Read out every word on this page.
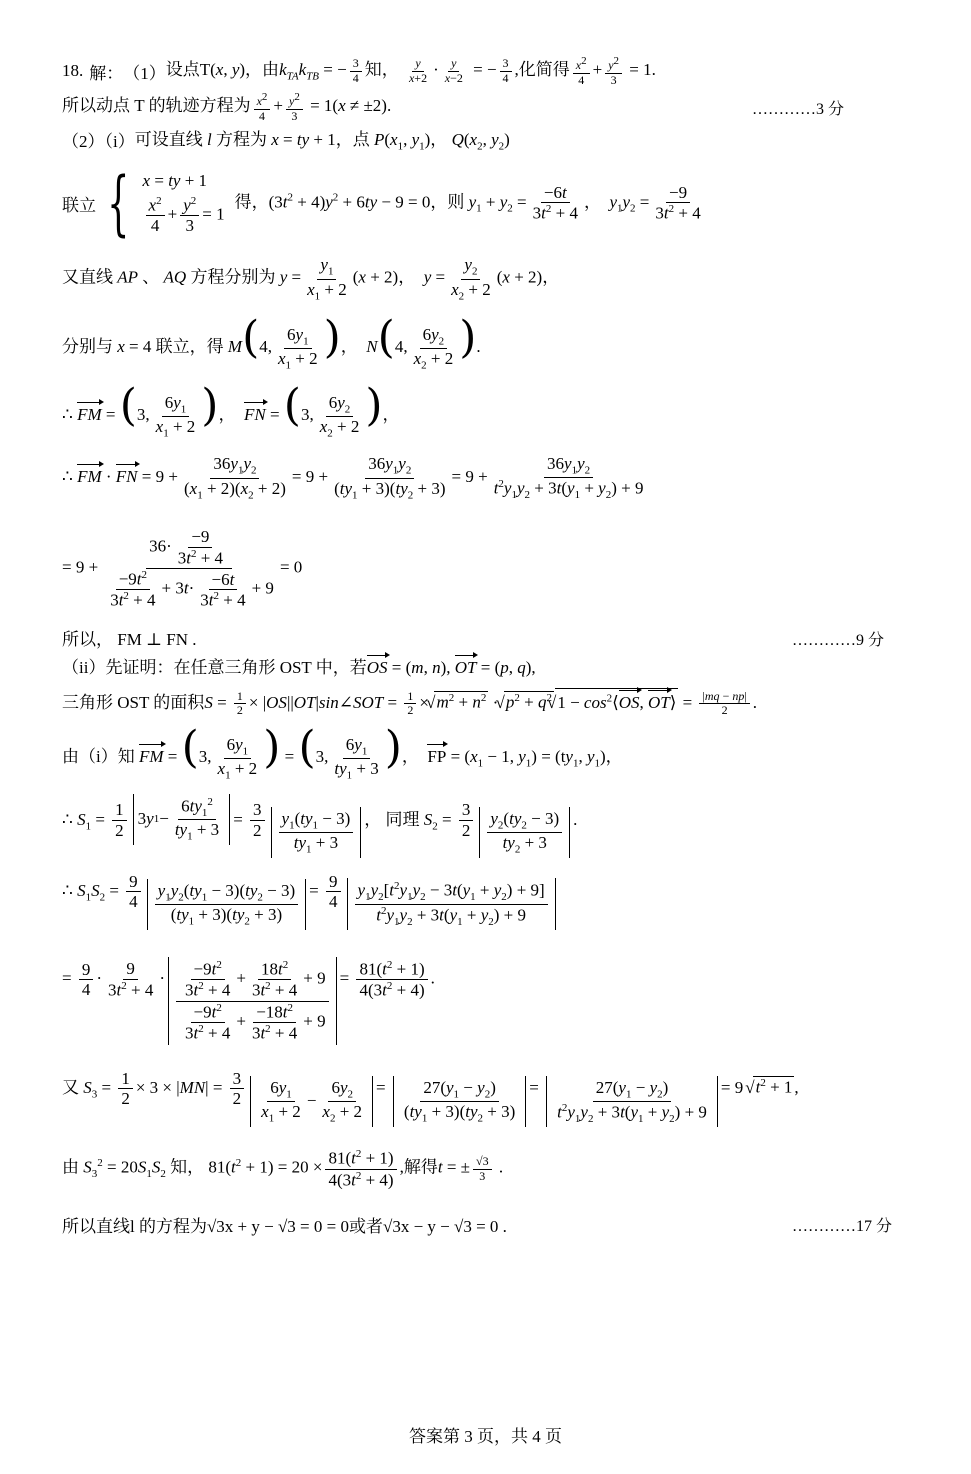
18. 解： （1） 设点T(x, y)，由$k_{TA}k_{TB}$ = − $\frac{3}{4}$ 知， $\frac{y}{x+2} \cdot \frac{y}{x-2}$ = − $\frac{3}{4}$ ,化简得 $\frac{x^2}{4} + \frac{y^2}{3} = 1$.
所以动点 T 的轨迹方程为 $\frac{x^2}{4} + \frac{y^2}{3} = 1(x \ne \pm 2)$.	…………3 分
（2）（i） 可设直线 l 方程为 x = ty + 1，点 $P(x_1$, $y_1$)， $Q(x_2$, $y_2$)
联立 { x = ty + 1
$\frac{x^2}{4} + \frac{y^2}{3} = 1$
得，$(3t^2 + 4)y^2 + 6ty - 9 = 0$，则 $y_1 + y_2 = \frac{-6t}{3t^2 + 4}$ ，  $y_1y_2 = \frac{-9}{3t^2 + 4}$
又直线 AP 、 AQ 方程分别为 $y = \frac{y_1}{x_1 + 2} (x + 2)$，  $y = \frac{y_2}{x_2 + 2} (x + 2)$，
分别与 x = 4 联立，得 M(4, $\frac{6y_1}{x_1 + 2}$ )，  N(4, $\frac{6y_2}{x_2 + 2}$ ).
∴ FM = (3, $\frac{6y_1}{x_1 + 2}$ )，  FN = (3, $\frac{6y_2}{x_2 + 2}$ )，
∴ FM · FN = $9 + \frac{36y_1y_2}{(x_1 + 2)(x_2 + 2)} = 9 + \frac{36y_1y_2}{(ty_1 + 3)(ty_2 + 3)} = 9 + \frac{36y_1y_2}{t^2y_1y_2 + 3t(y_1 + y_2) + 9}$
= $9 + \frac{36\cdot \frac{-9}{3t^2 + 4}}{\frac{-9t^2}{3t^2 + 4} + 3t\cdot \frac{-6t}{3t^2 + 4} + 9} = 0$
所以， FM ⊥ FN .	…………9 分
（ii） 先证明：在任意三角形 OST 中，若OS = (m, n), OT = (p, q),
三角形 OST 的面积$S = \frac{1}{2}$ × |OS||OT|sin∠SOT = $\frac{1}{2}$ × √ $m^2 + n^2$ · √ $p^2 + q^2√$ $1 - \cos^2⟨OS$, OT⟩ = $\frac{|mq - np|}{2}$ .
由（i）知 FM = (3, $\frac{6y_1}{x_1 + 2}$ ) = (3, $\frac{6y_1}{ty_1 + 3}$ )，  FP = ($x_1 - 1$, $y_1) = (ty_1$, $y_1$)，
∴ $S_1 = \frac{1}{2} 3$ y $1 - \frac{6ty_1^2}{ty_1 + 3} = \frac{3}{2} \frac{y_1(ty_1 - 3)}{ty_1 + 3}$ ， 同理 $S_2 = \frac{3}{2} \frac{y_2(ty_2 - 3)}{ty_2 + 3}$ .
∴ $S_1S_2 = \frac{9}{4} \frac{y_1y_2(ty_1 - 3)(ty_2 - 3)}{(ty_1 + 3)(ty_2 + 3)} = \frac{9}{4} \frac{y_1y_2[t^2y_1y_2 - 3t(y_1 + y_2) + 9]}{t^2y_1y_2 + 3t(y_1 + y_2) + 9}$
= $\frac{9}{4} \cdot \frac{9}{3t^2 + 4} \cdot \frac{\frac{-9t^2}{3t^2 + 4} + \frac{18t^2}{3t^2 + 4} + 9}{\frac{-9t^2}{3t^2 + 4} + \frac{-18t^2}{3t^2 + 4} + 9} = \frac{81(t^2 + 1)}{4(3t^2 + 4)}$ .
又 $S_3 = \frac{1}{2} \times 3 \times |MN| = \frac{3}{2} \frac{6y_1}{x_1 + 2} - \frac{6y_2}{x_2 + 2} = \frac{27(y_1 - y_2)}{(ty_1 + 3)(ty_2 + 3)} = \frac{27(y_1 - y_2)}{t^2y_1y_2 + 3t(y_1 + y_2) + 9} = 9√$ $t^2 + 1$ ,
由 $S_3^2 = 20S_1S_2$ 知， $81(t^2 + 1) = 20 \times \frac{81(t^2 + 1)}{4(3t^2 + 4)}$ ,解得t = ± $\frac{√3}{3}$ .
所以直线l 的方程为√3x + y − √3 = 0 = 0或者√3x − y − √3 = 0 .	…………17 分
答案第 3 页，共 4 页
